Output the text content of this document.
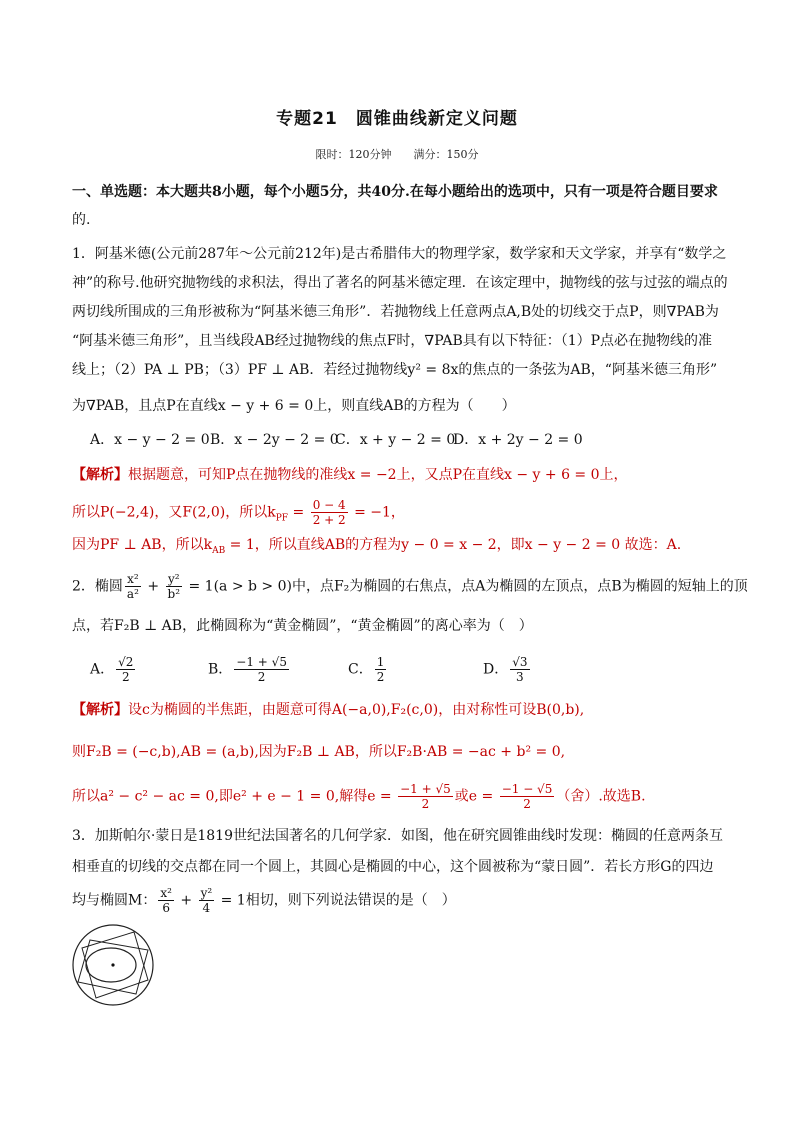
专题21　圆锥曲线新定义问题
限时：120分钟　　满分：150分
一、单选题：本大题共8小题，每个小题5分，共40分.在每小题给出的选项中，只有一项是符合题目要求
的.
1．阿基米德(公元前287年～公元前212年)是古希腊伟大的物理学家，数学家和天文学家，并享有“数学之
神”的称号.他研究抛物线的求积法，得出了著名的阿基米德定理．在该定理中，抛物线的弦与过弦的端点的
两切线所围成的三角形被称为“阿基米德三角形”．若抛物线上任意两点A,B处的切线交于点P，则∇PAB为
“阿基米德三角形”，且当线段AB经过抛物线的焦点F时，∇PAB具有以下特征：（1）P点必在抛物线的准
线上；（2）PA ⊥ PB；（3）PF ⊥ AB．若经过抛物线y² = 8x的焦点的一条弦为AB，“阿基米德三角形”
为∇PAB，且点P在直线x − y + 6 = 0上，则直线AB的方程为（　　）
A．x − y − 2 = 0B．x − 2y − 2 = 0C．x + y − 2 = 0D．x + 2y − 2 = 0
【解析】根据题意，可知P点在抛物线的准线x = −2上，又点P在直线x − y + 6 = 0上，
所以P(−2,4)，又F(2,0)，所以$k_{PF} = \frac{0 - 4}{2 + 2} = -1$，
因为PF ⊥ AB，所以$k_{AB} = 1$，所以直线AB的方程为y − 0 = x − 2，即x − y − 2 = 0 故选：A.
2．椭圆 $\frac{\text{x²}}{\text{a²}} + \frac{\text{y²}}{\text{b²}} = 1(a > b > 0)$中，点F₂为椭圆的右焦点，点A为椭圆的左顶点，点B为椭圆的短轴上的顶
点，若F₂B ⊥ AB，此椭圆称为“黄金椭圆”，“黄金椭圆”的离心率为（　）
A． $\frac{√2}{2}$	B． $\frac{-1 + √5}{2}$	C． $\frac{1}{2}$	D． $\frac{√3}{3}$
【解析】设c为椭圆的半焦距，由题意可得A(−a,0),F₂(c,0)，由对称性可设B(0,b),
则F₂B = (−c,b),AB = (a,b),因为F₂B ⊥ AB，所以F₂B·AB = −ac + b² = 0,
所以a² − c² − ac = 0,即e² + e − 1 = 0,解得$e = \frac{-1 + √5}{2}$ 或$e = \frac{-1 - √5}{2}$ （舍）.故选B.
3．加斯帕尔·蒙日是1819世纪法国著名的几何学家．如图，他在研究圆锥曲线时发现：椭圆的任意两条互
相垂直的切线的交点都在同一个圆上，其圆心是椭圆的中心，这个圆被称为“蒙日圆”．若长方形G的四边
均与椭圆M： $\frac{\text{x²}}{6} + \frac{\text{y²}}{4} = 1$相切，则下列说法错误的是（　）
